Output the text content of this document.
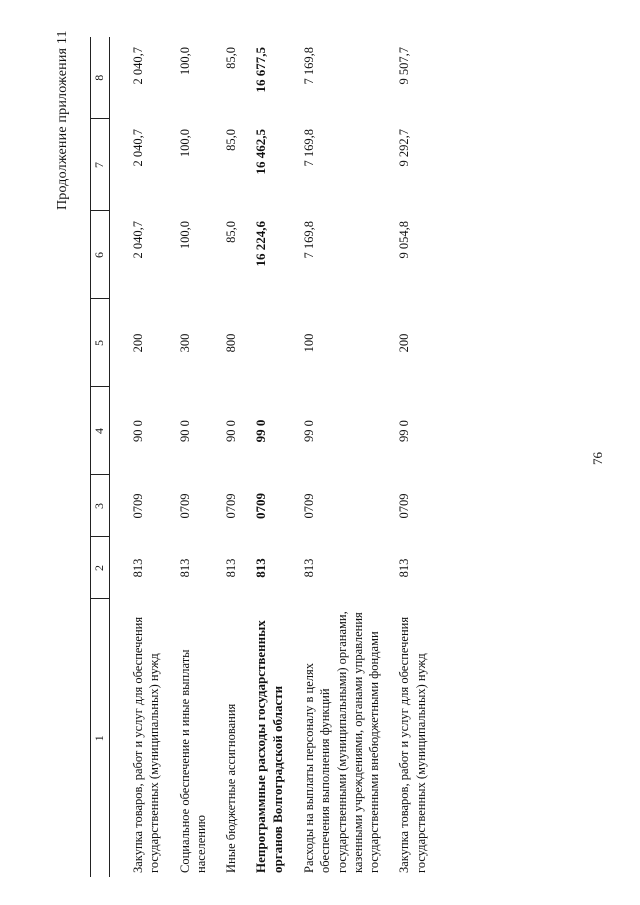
76
Продолжение приложения 11
1	2	3	4	5	6	7	8
Закупка товаров, работ и услуг для обеспечения государственных (муниципальных) нужд	813	0709	90 0	200	2 040,7	2 040,7	2 040,7
Социальное обеспечение и иные выплаты населению	813	0709	90 0	300	100,0	100,0	100,0
Иные бюджетные ассигнования	813	0709	90 0	800	85,0	85,0	85,0
Непрограммные расходы государственных органов Волгоградской области	813	0709	99 0		16 224,6	16 462,5	16 677,5
Расходы на выплаты персоналу в целях обеспечения выполнения функций государственными (муниципальными) органами, казенными учреждениями, органами управления государственными внебюджетными фондами	813	0709	99 0	100	7 169,8	7 169,8	7 169,8
Закупка товаров, работ и услуг для обеспечения государственных (муниципальных) нужд	813	0709	99 0	200	9 054,8	9 292,7	9 507,7
